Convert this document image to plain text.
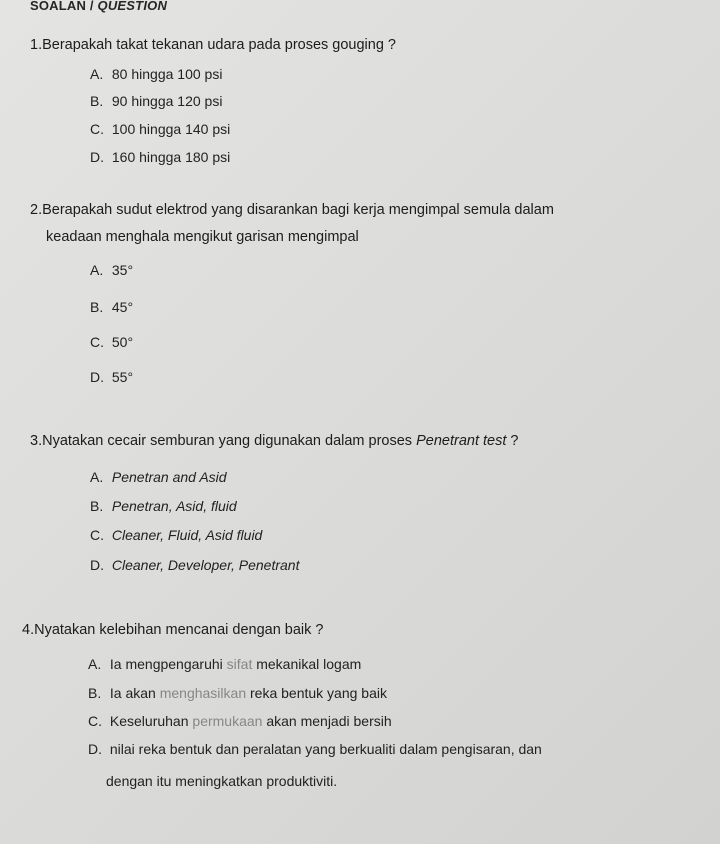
SOALAN / QUESTION
1.Berapakah takat tekanan udara pada proses gouging ?
A. 80 hingga 100 psi
B. 90 hingga 120 psi
C. 100 hingga 140 psi
D. 160 hingga 180 psi
2.Berapakah sudut elektrod yang disarankan bagi kerja mengimpal semula dalam
keadaan menghala mengikut garisan mengimpal
A. 35°
B. 45°
C. 50°
D. 55°
3.Nyatakan cecair semburan yang digunakan dalam proses Penetrant test ?
A. Penetran and Asid
B. Penetran, Asid, fluid
C. Cleaner, Fluid, Asid fluid
D. Cleaner, Developer, Penetrant
4.Nyatakan kelebihan mencanai dengan baik ?
A. Ia mengpengaruhi sifat mekanikal logam
B. Ia akan menghasilkan reka bentuk yang baik
C. Keseluruhan permukaan akan menjadi bersih
D. nilai reka bentuk dan peralatan yang berkualiti dalam pengisaran, dan
dengan itu meningkatkan produktiviti.
